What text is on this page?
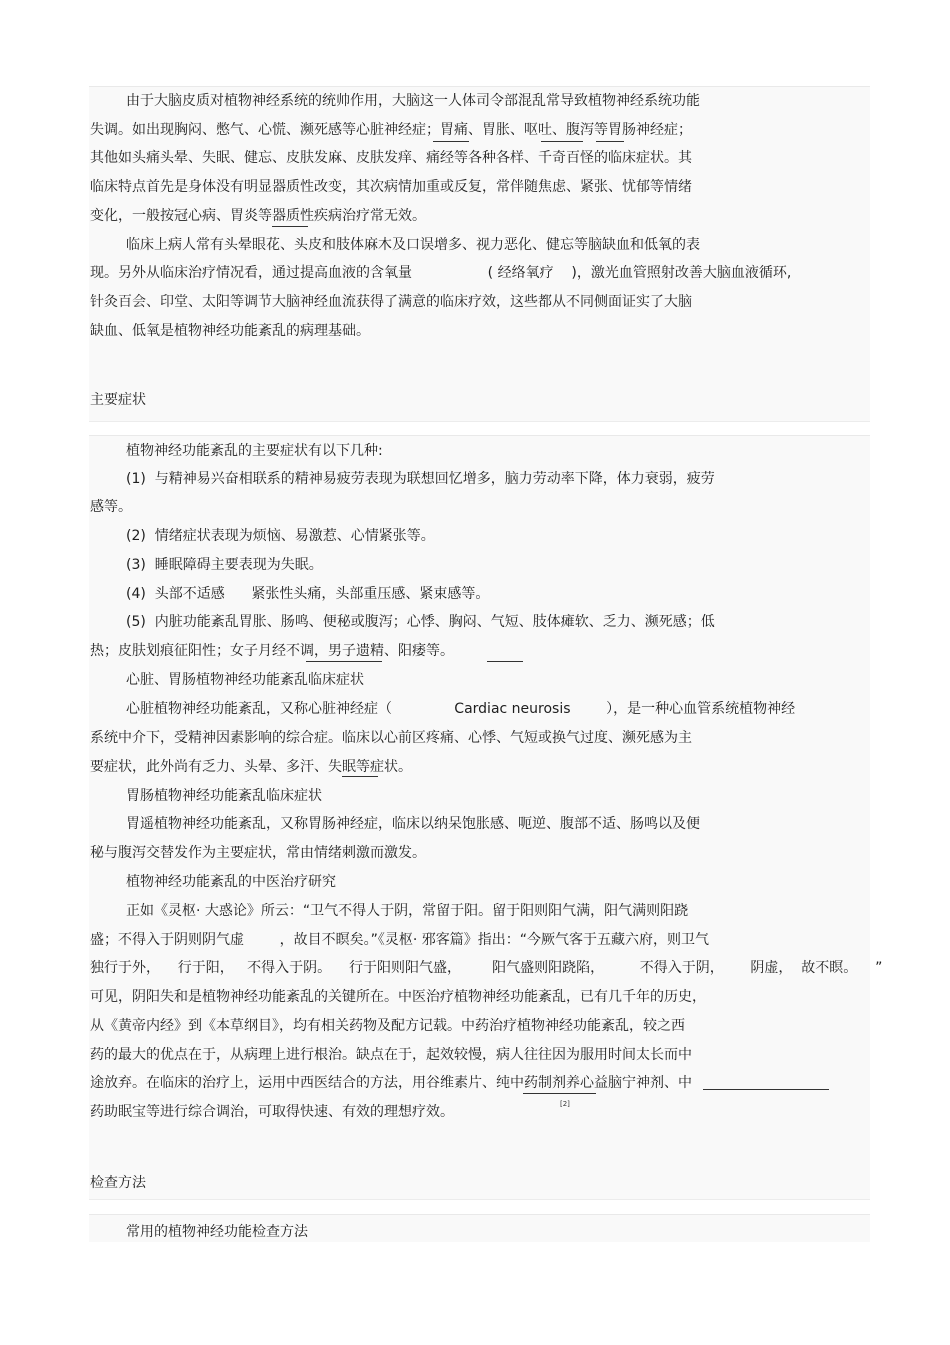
由于大脑皮质对植物神经系统的统帅作用，大脑这一人体司令部混乱常导致植物神经系统功能
失调。如出现胸闷、憋气、心慌、濒死感等心脏神经症；胃痛、胃胀、呕吐、腹泻等胃肠神经症；
其他如头痛头晕、失眠、健忘、皮肤发麻、皮肤发痒、痛经等各种各样、千奇百怪的临床症状。其
临床特点首先是身体没有明显器质性改变，其次病情加重或反复，常伴随焦虑、紧张、忧郁等情绪
变化，一般按冠心病、胃炎等器质性疾病治疗常无效。
临床上病人常有头晕眼花、头皮和肢体麻木及口误增多、视力恶化、健忘等脑缺血和低氧的表
现。另外从临床治疗情况看，通过提高血液的含氧量                 ( 经络氧疗    )，激光血管照射改善大脑血液循环,
针灸百会、印堂、太阳等调节大脑神经血流获得了满意的临床疗效，这些都从不同侧面证实了大脑
缺血、低氧是植物神经功能紊乱的病理基础。
主要症状
植物神经功能紊乱的主要症状有以下几种:
(1)  与精神易兴奋相联系的精神易疲劳表现为联想回忆增多，脑力劳动率下降，体力衰弱，疲劳
感等。
(2)  情绪症状表现为烦恼、易激惹、心情紧张等。
(3)  睡眠障碍主要表现为失眠。
(4)  头部不适感      紧张性头痛，头部重压感、紧束感等。
(5)  内脏功能紊乱胃胀、肠鸣、便秘或腹泻；心悸、胸闷、气短、肢体瘫软、乏力、濒死感；低
热；皮肤划痕征阳性；女子月经不调，男子遗精、阳痿等。
心脏、胃肠植物神经功能紊乱临床症状
心脏植物神经功能紊乱，又称心脏神经症（              Cardiac neurosis        ），是一种心血管系统植物神经
系统中介下，受精神因素影响的综合症。临床以心前区疼痛、心悸、气短或换气过度、濒死感为主
要症状，此外尚有乏力、头晕、多汗、失眠等症状。
胃肠植物神经功能紊乱临床症状
胃遥植物神经功能紊乱，又称胃肠神经症，临床以纳呆饱胀感、呃逆、腹部不适、肠鸣以及便
秘与腹泻交替发作为主要症状，常由情绪刺激而激发。
植物神经功能紊乱的中医治疗研究
正如《灵枢· 大惑论》所云：“卫气不得人于阴，常留于阳。留于阳则阳气满，阳气满则阳跷
盛；不得入于阴则阴气虚        ，故目不瞑矣。”《灵枢· 邪客篇》指出：“今厥气客于五藏六府，则卫气
独行于外，    行于阳，   不得入于阴。    行于阳则阳气盛，       阳气盛则阳跷陷，        不得入于阴，      阴虚，  故不瞑。    ”
可见，阴阳失和是植物神经功能紊乱的关键所在。中医治疗植物神经功能紊乱，已有几千年的历史，
从《黄帝内经》到《本草纲目》，均有相关药物及配方记载。中药治疗植物神经功能紊乱，较之西
药的最大的优点在于，从病理上进行根治。缺点在于，起效较慢，病人往往因为服用时间太长而中
途放弃。在临床的治疗上，运用中西医结合的方法，用谷维素片、纯中药制剂养心益脑宁神剂、中
药助眠宝等进行综合调治，可取得快速、有效的理想疗效。	[2]
检查方法
常用的植物神经功能检查方法
